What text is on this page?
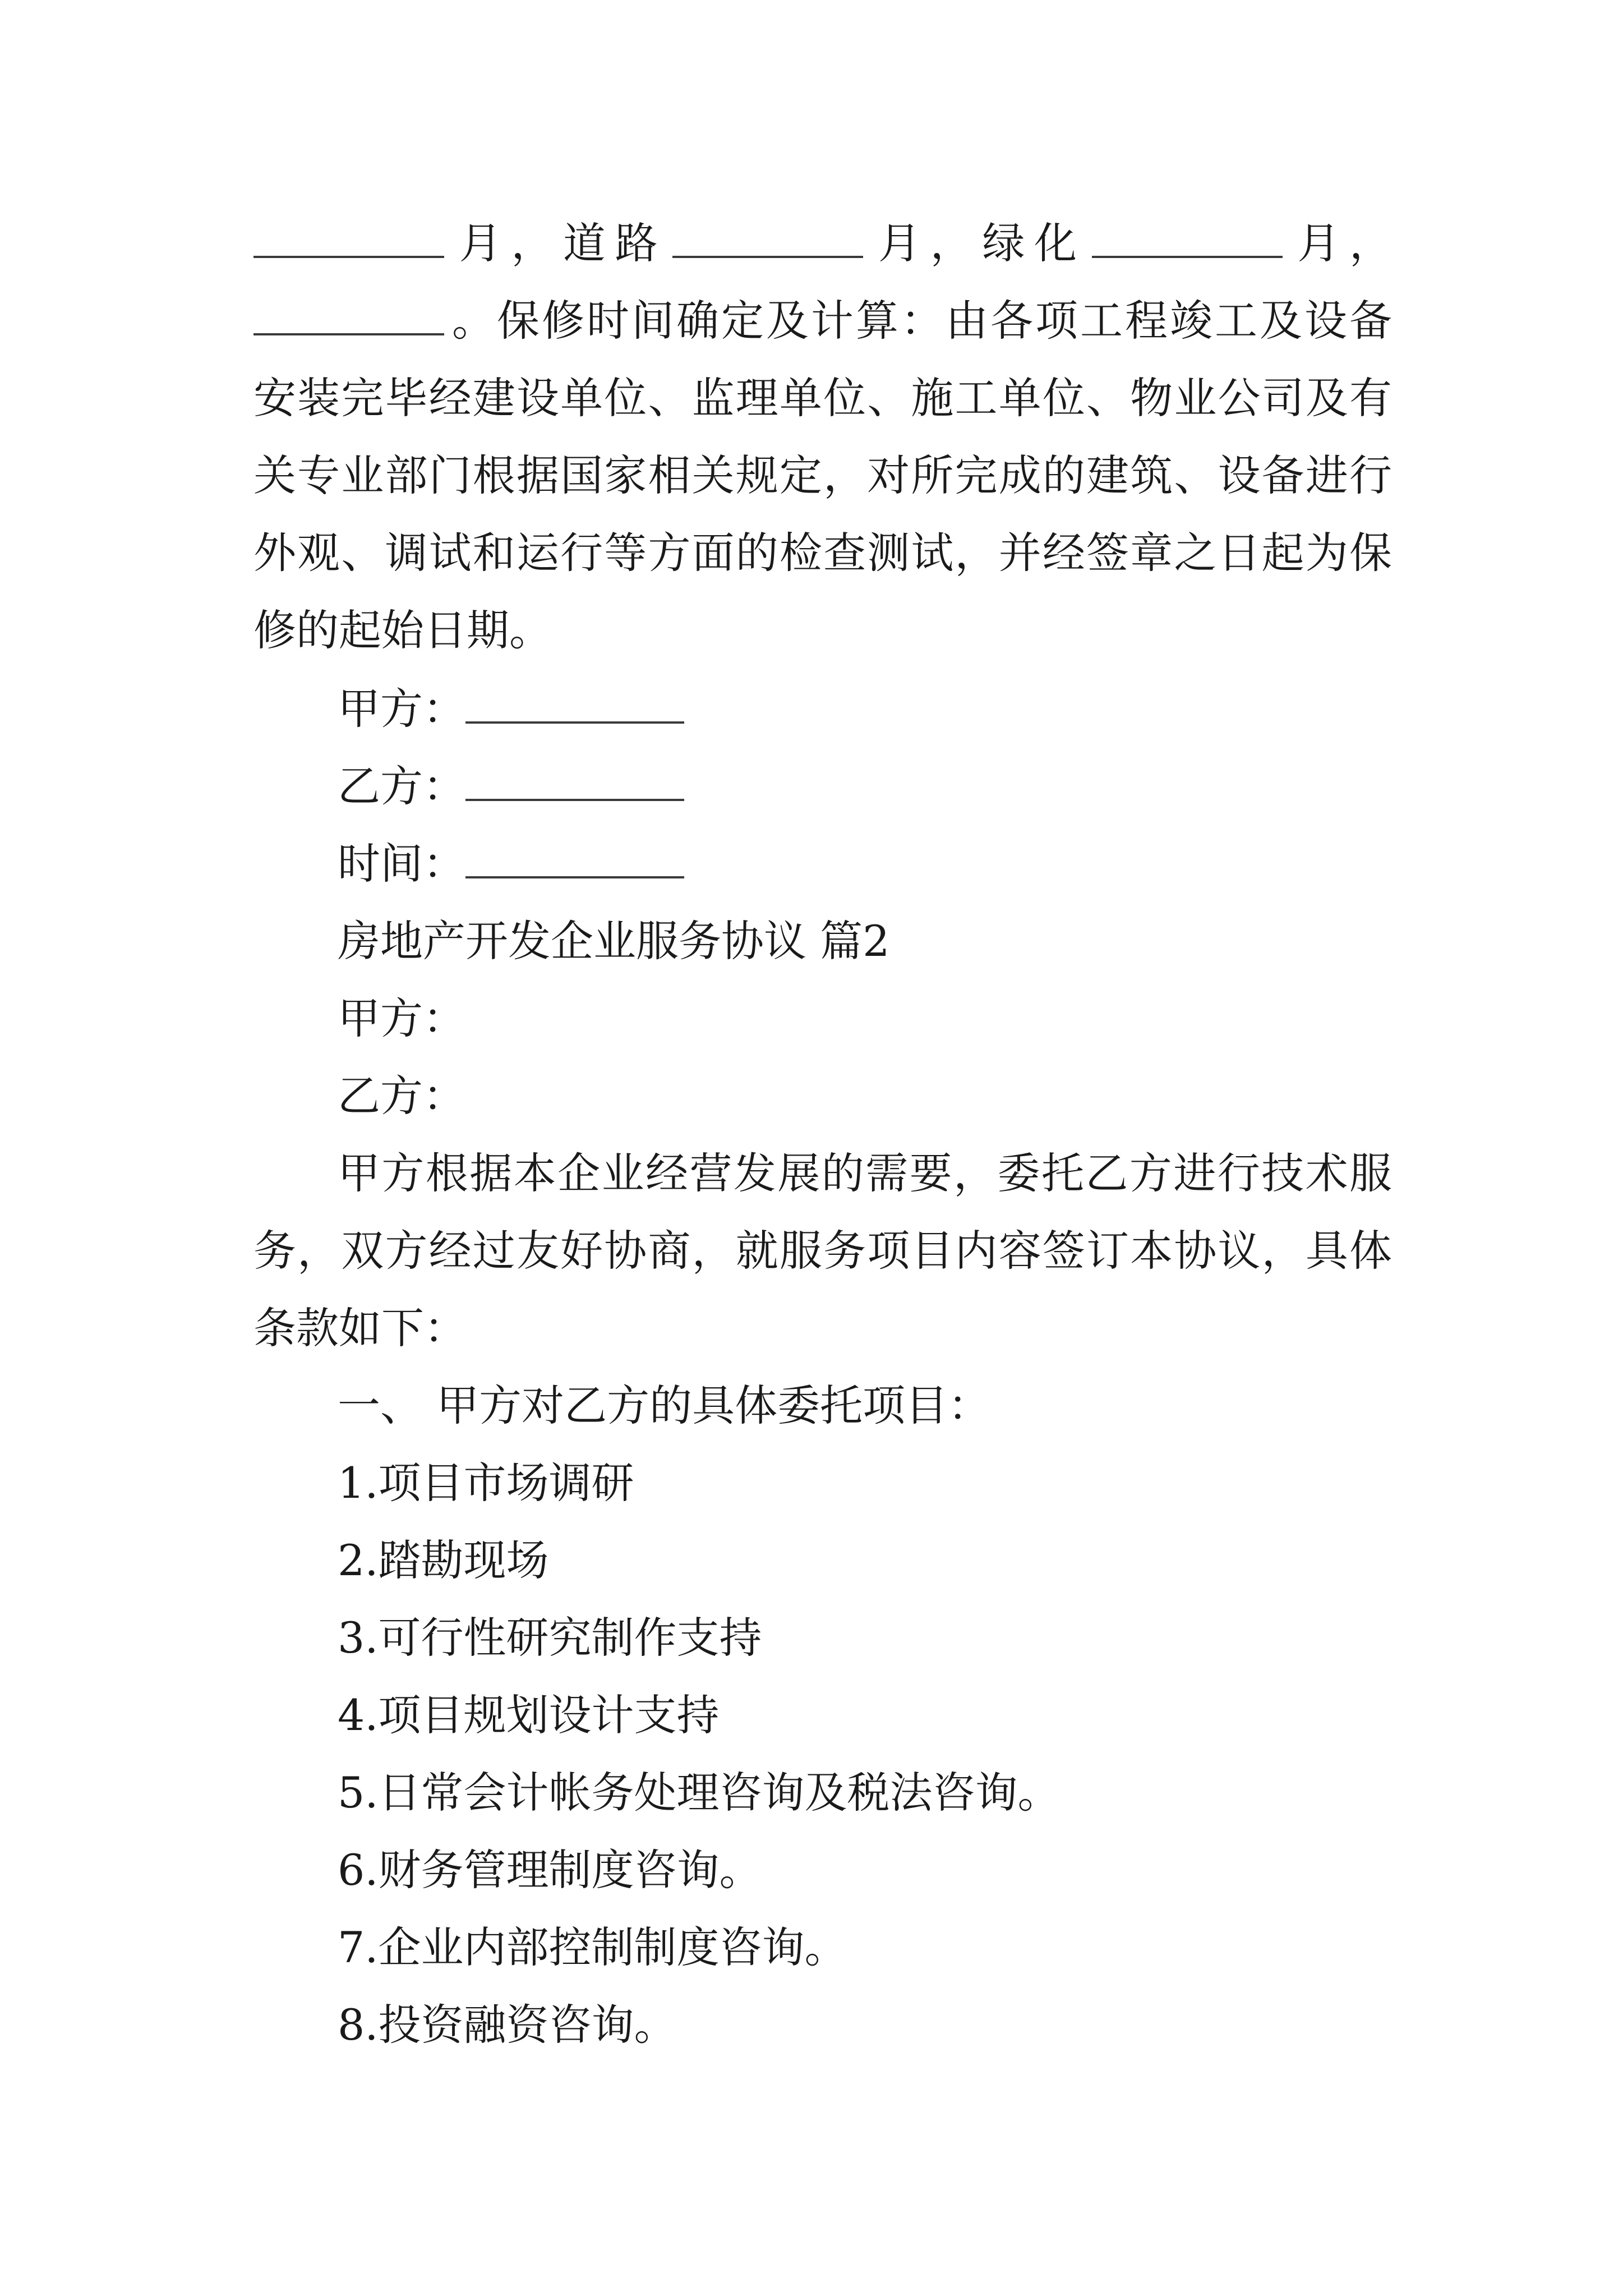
月，道路	月，绿化	月，
。保修时间确定及计算：由各项工程竣工及设备
安装完毕经建设单位、监理单位、施工单位、物业公司及有
关专业部门根据国家相关规定，对所完成的建筑、设备进行
外观、调试和运行等方面的检查测试，并经签章之日起为保
修的起始日期。
甲方：
乙方：
时间：
房地产开发企业服务协议 篇2
甲方：
乙方：
甲方根据本企业经营发展的需要，委托乙方进行技术服
务，双方经过友好协商，就服务项目内容签订本协议，具体
条款如下：
一、 甲方对乙方的具体委托项目：
1.项目市场调研
2.踏勘现场
3.可行性研究制作支持
4.项目规划设计支持
5.日常会计帐务处理咨询及税法咨询。
6.财务管理制度咨询。
7.企业内部控制制度咨询。
8.投资融资咨询。
